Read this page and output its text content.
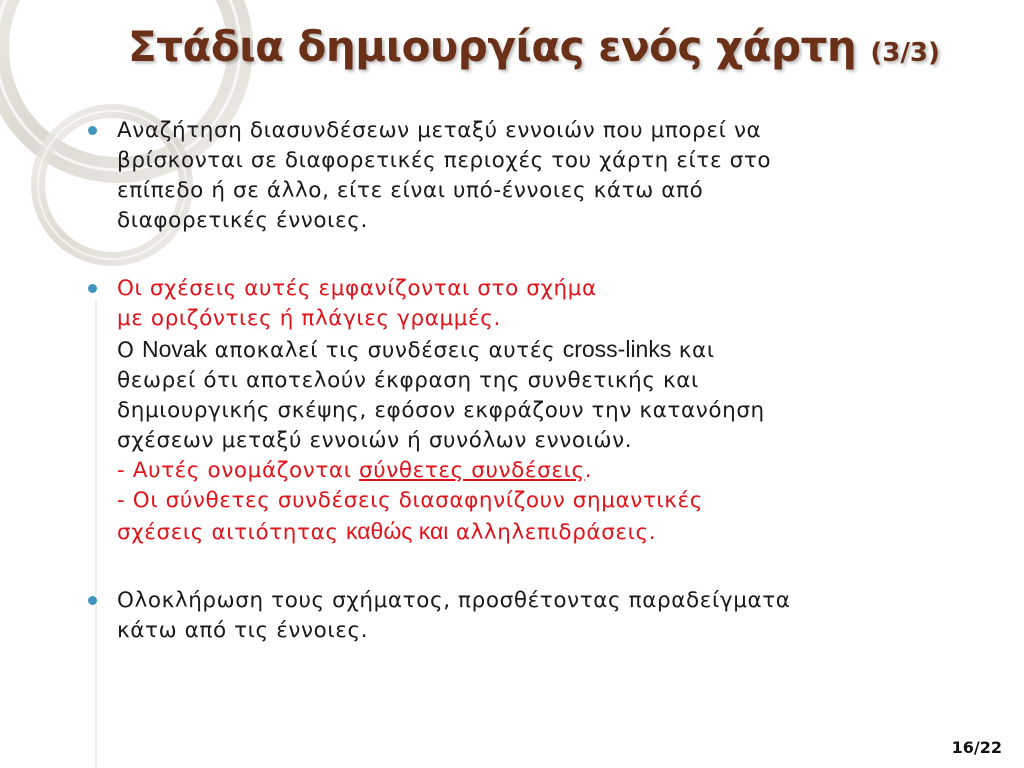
Στάδια δημιουργίας ενός χάρτη (3/3)
Αναζήτηση διασυνδέσεων μεταξύ εννοιών που μπορεί να
βρίσκονται σε διαφορετικές περιοχές του χάρτη είτε στο
επίπεδο ή σε άλλο, είτε είναι υπό-έννοιες κάτω από
διαφορετικές έννοιες.
Οι σχέσεις αυτές εμφανίζονται στο σχήμα
με οριζόντιες ή πλάγιες γραμμές.
Ο Novak αποκαλεί τις συνδέσεις αυτές cross-links και
θεωρεί ότι αποτελούν έκφραση της συνθετικής και
δημιουργικής σκέψης, εφόσον εκφράζουν την κατανόηση
σχέσεων μεταξύ εννοιών ή συνόλων εννοιών.
- Αυτές ονομάζονται σύνθετες συνδέσεις.
- Οι σύνθετες συνδέσεις διασαφηνίζουν σημαντικές
σχέσεις αιτιότητας καθώς και αλληλεπιδράσεις.
Ολοκλήρωση τους σχήματος, προσθέτοντας παραδείγματα
κάτω από τις έννοιες.
16/22
